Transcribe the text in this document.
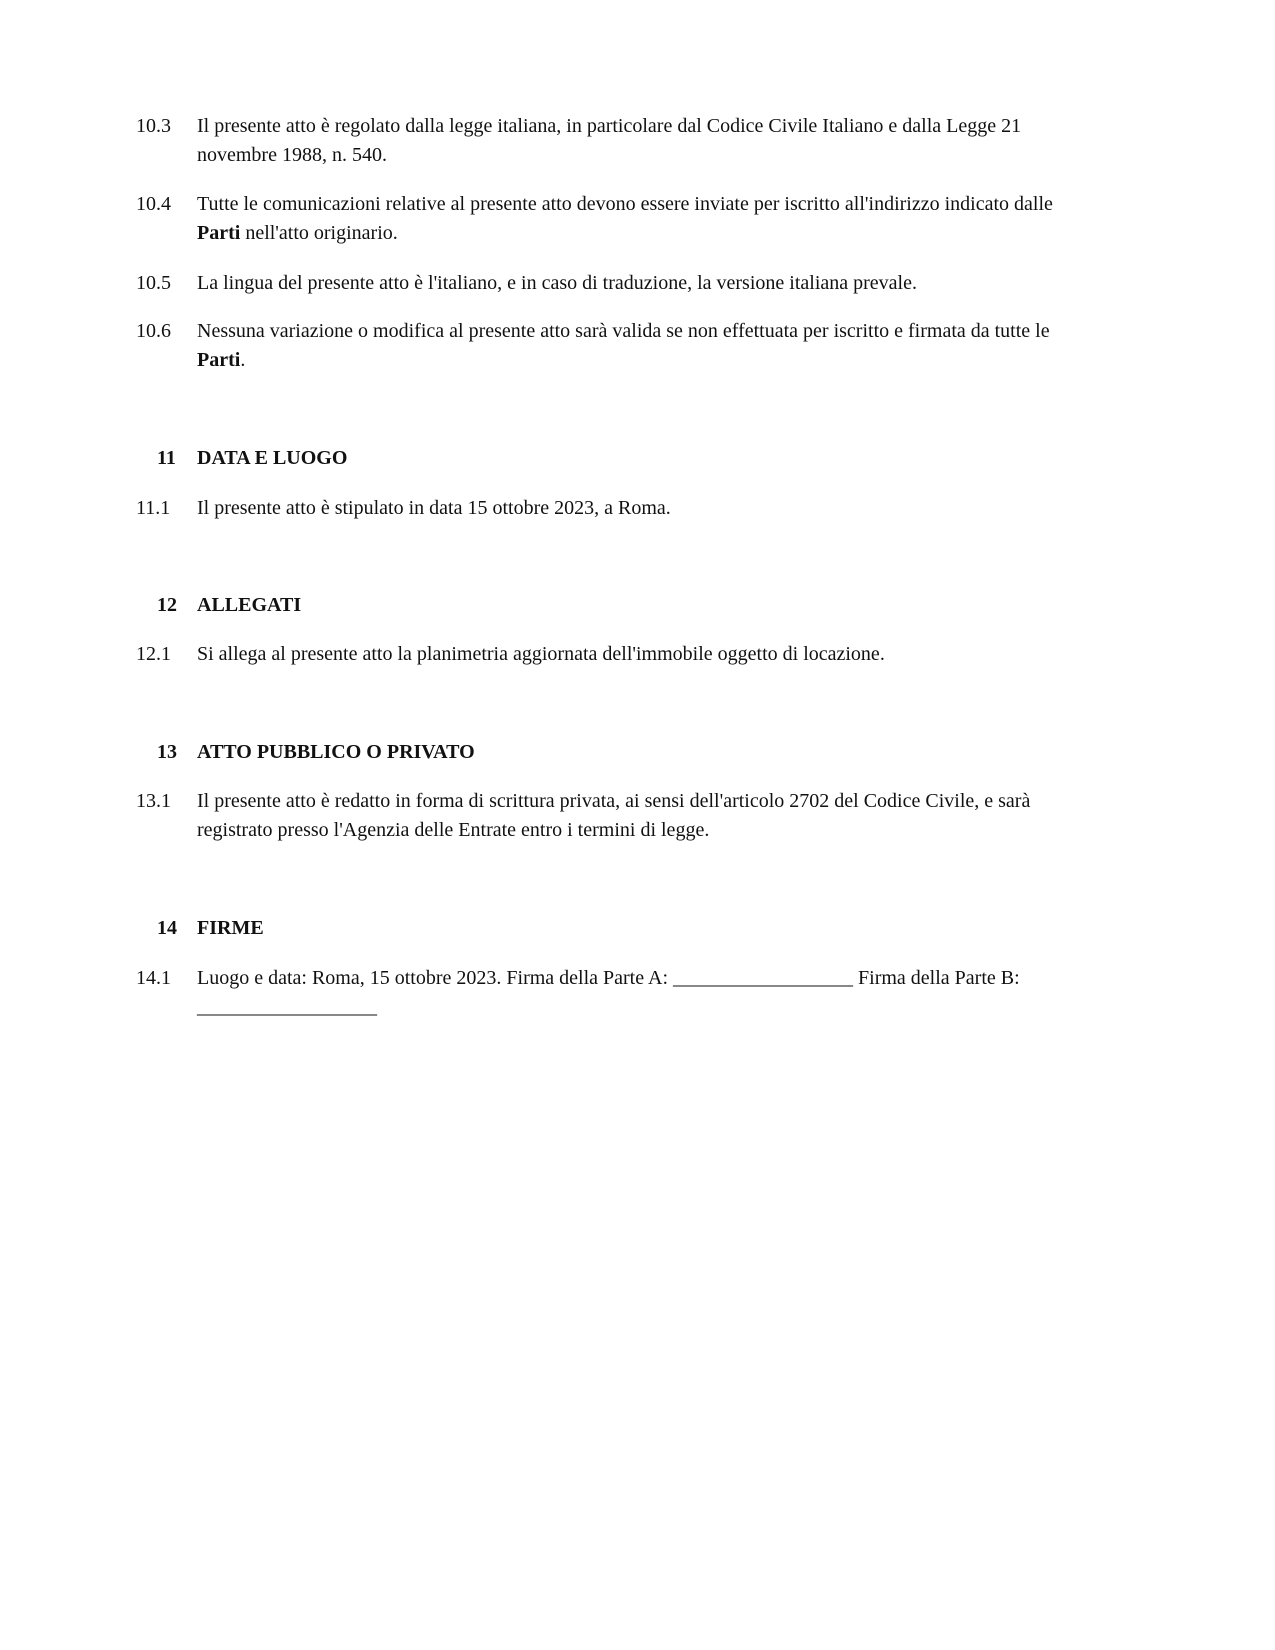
10.3	Il presente atto è regolato dalla legge italiana, in particolare dal Codice Civile Italiano e dalla Legge 21 novembre 1988, n. 540.
10.4	Tutte le comunicazioni relative al presente atto devono essere inviate per iscritto all'indirizzo indicato dalle Parti nell'atto originario.
10.5	La lingua del presente atto è l'italiano, e in caso di traduzione, la versione italiana prevale.
10.6	Nessuna variazione o modifica al presente atto sarà valida se non effettuata per iscritto e firmata da tutte le Parti.
11	DATA E LUOGO
11.1	Il presente atto è stipulato in data 15 ottobre 2023, a Roma.
12	ALLEGATI
12.1	Si allega al presente atto la planimetria aggiornata dell'immobile oggetto di locazione.
13	ATTO PUBBLICO O PRIVATO
13.1	Il presente atto è redatto in forma di scrittura privata, ai sensi dell'articolo 2702 del Codice Civile, e sarà registrato presso l'Agenzia delle Entrate entro i termini di legge.
14	FIRME
14.1	Luogo e data: Roma, 15 ottobre 2023. Firma della Parte A: __________________ Firma della Parte B: __________________
